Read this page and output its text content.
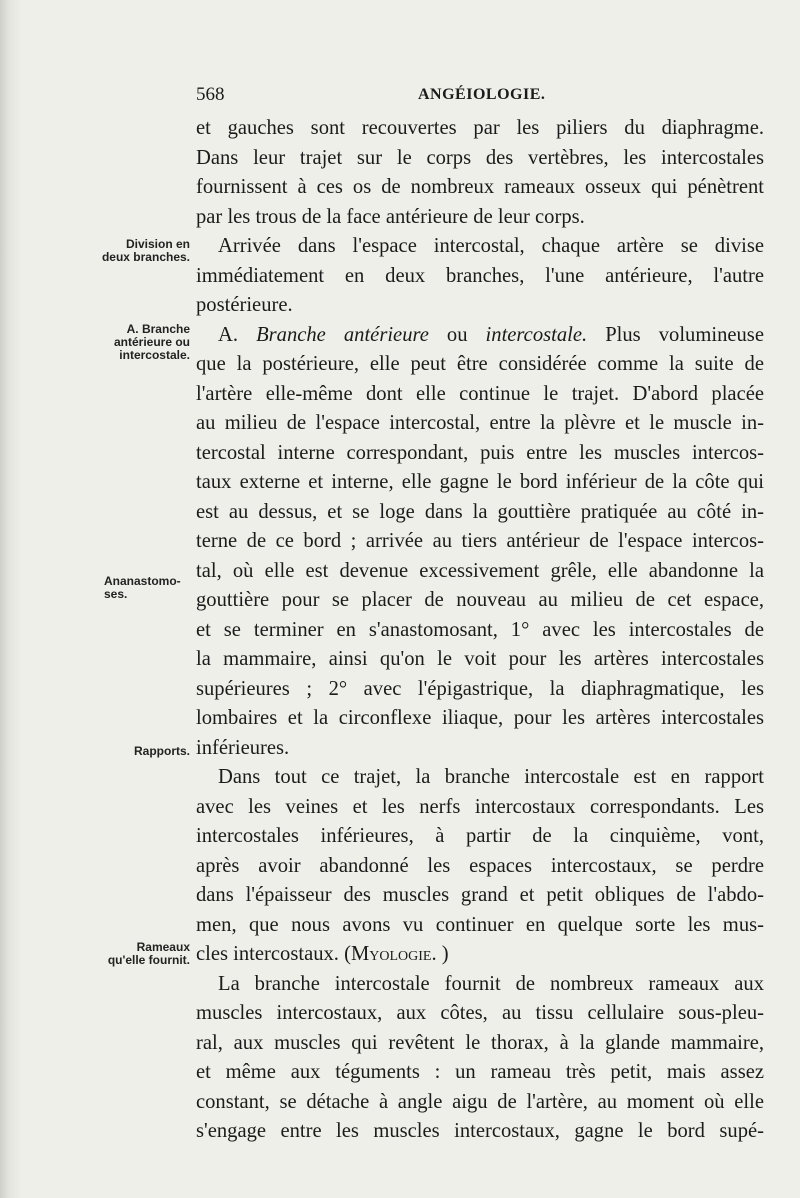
568	ANGÉIOLOGIE.
Division en
deux branches.
A. Branche
antérieure ou
intercostale.
Ananastomo-
ses.
Rapports.
Rameaux
qu'elle fournit.

et gauches sont recouvertes par les piliers du diaphragme.
Dans leur trajet sur le corps des vertèbres, les intercostales
fournissent à ces os de nombreux rameaux osseux qui pénètrent
par les trous de la face antérieure de leur corps.

Arrivée dans l'espace intercostal, chaque artère se divise
immédiatement en deux branches, l'une antérieure, l'autre
postérieure.

A. Branche antérieure ou intercostale. Plus volumineuse
que la postérieure, elle peut être considérée comme la suite de
l'artère elle-même dont elle continue le trajet. D'abord placée
au milieu de l'espace intercostal, entre la plèvre et le muscle in-
tercostal interne correspondant, puis entre les muscles intercos-
taux externe et interne, elle gagne le bord inférieur de la côte qui
est au dessus, et se loge dans la gouttière pratiquée au côté in-
terne de ce bord ; arrivée au tiers antérieur de l'espace intercos-
tal, où elle est devenue excessivement grêle, elle abandonne la
gouttière pour se placer de nouveau au milieu de cet espace,
et se terminer en s'anastomosant, 1° avec les intercostales de
la mammaire, ainsi qu'on le voit pour les artères intercostales
supérieures ; 2° avec l'épigastrique, la diaphragmatique, les
lombaires et la circonflexe iliaque, pour les artères intercostales
inférieures.

Dans tout ce trajet, la branche intercostale est en rapport
avec les veines et les nerfs intercostaux correspondants. Les
intercostales inférieures, à partir de la cinquième, vont,
après avoir abandonné les espaces intercostaux, se perdre
dans l'épaisseur des muscles grand et petit obliques de l'abdo-
men, que nous avons vu continuer en quelque sorte les mus-
cles intercostaux. (Myologie. )

La branche intercostale fournit de nombreux rameaux aux
muscles intercostaux, aux côtes, au tissu cellulaire sous-pleu-
ral, aux muscles qui revêtent le thorax, à la glande mammaire,
et même aux téguments : un rameau très petit, mais assez
constant, se détache à angle aigu de l'artère, au moment où elle
s'engage entre les muscles intercostaux, gagne le bord supé-
